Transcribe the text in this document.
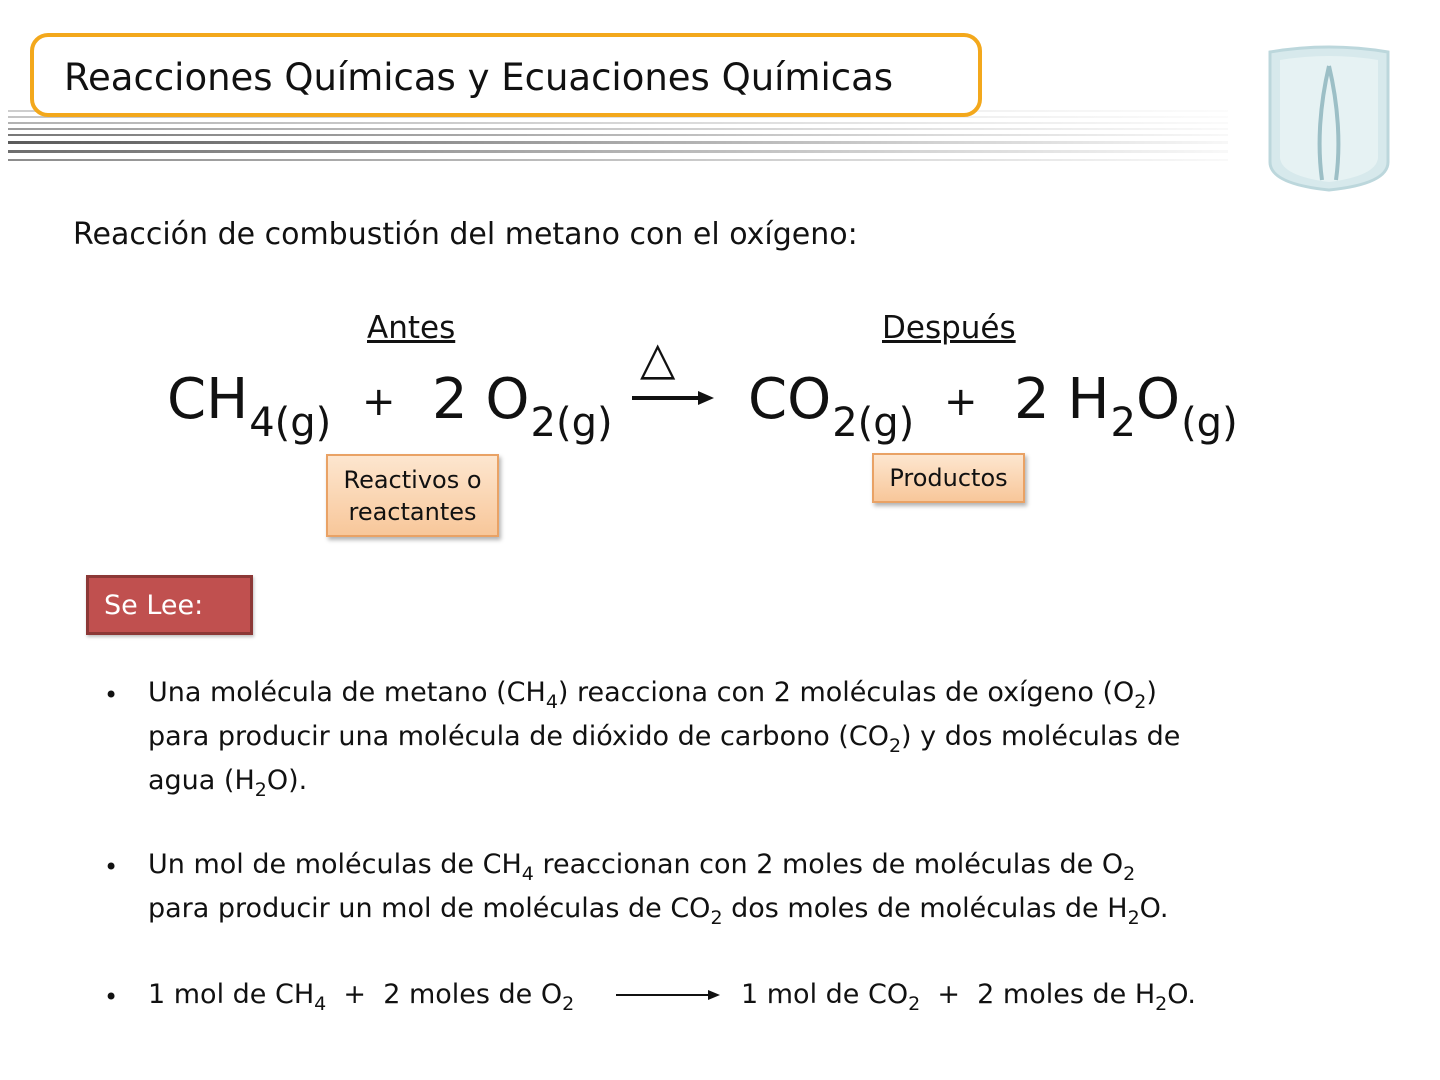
Reacciones Químicas y Ecuaciones Químicas
Reacción de combustión del metano con el oxígeno:
Antes	Después
△
$CH_{4(g)} + 2$ $O_{2(g)}$ $CO_{2(g)} + 2$ $H_2O_{(g)}$
Reactivos o reactantes
Productos
Se Lee:
• Una molécula de metano $(CH_4)$ reacciona con 2 moléculas de oxígeno $(O_2)$
para producir una molécula de dióxido de carbono $(CO_2)$ y dos moléculas de
agua $(H_2O)$.
• Un mol de moléculas de $CH_4$ reaccionan con 2 moles de moléculas de $O_2$
para producir un mol de moléculas de $CO_2$ dos moles de moléculas de $H_2O$.
• 1 mol de $CH_4 + 2$ moles de $O_2$	1 mol de $CO_2 + 2$ moles de $H_2O$.
